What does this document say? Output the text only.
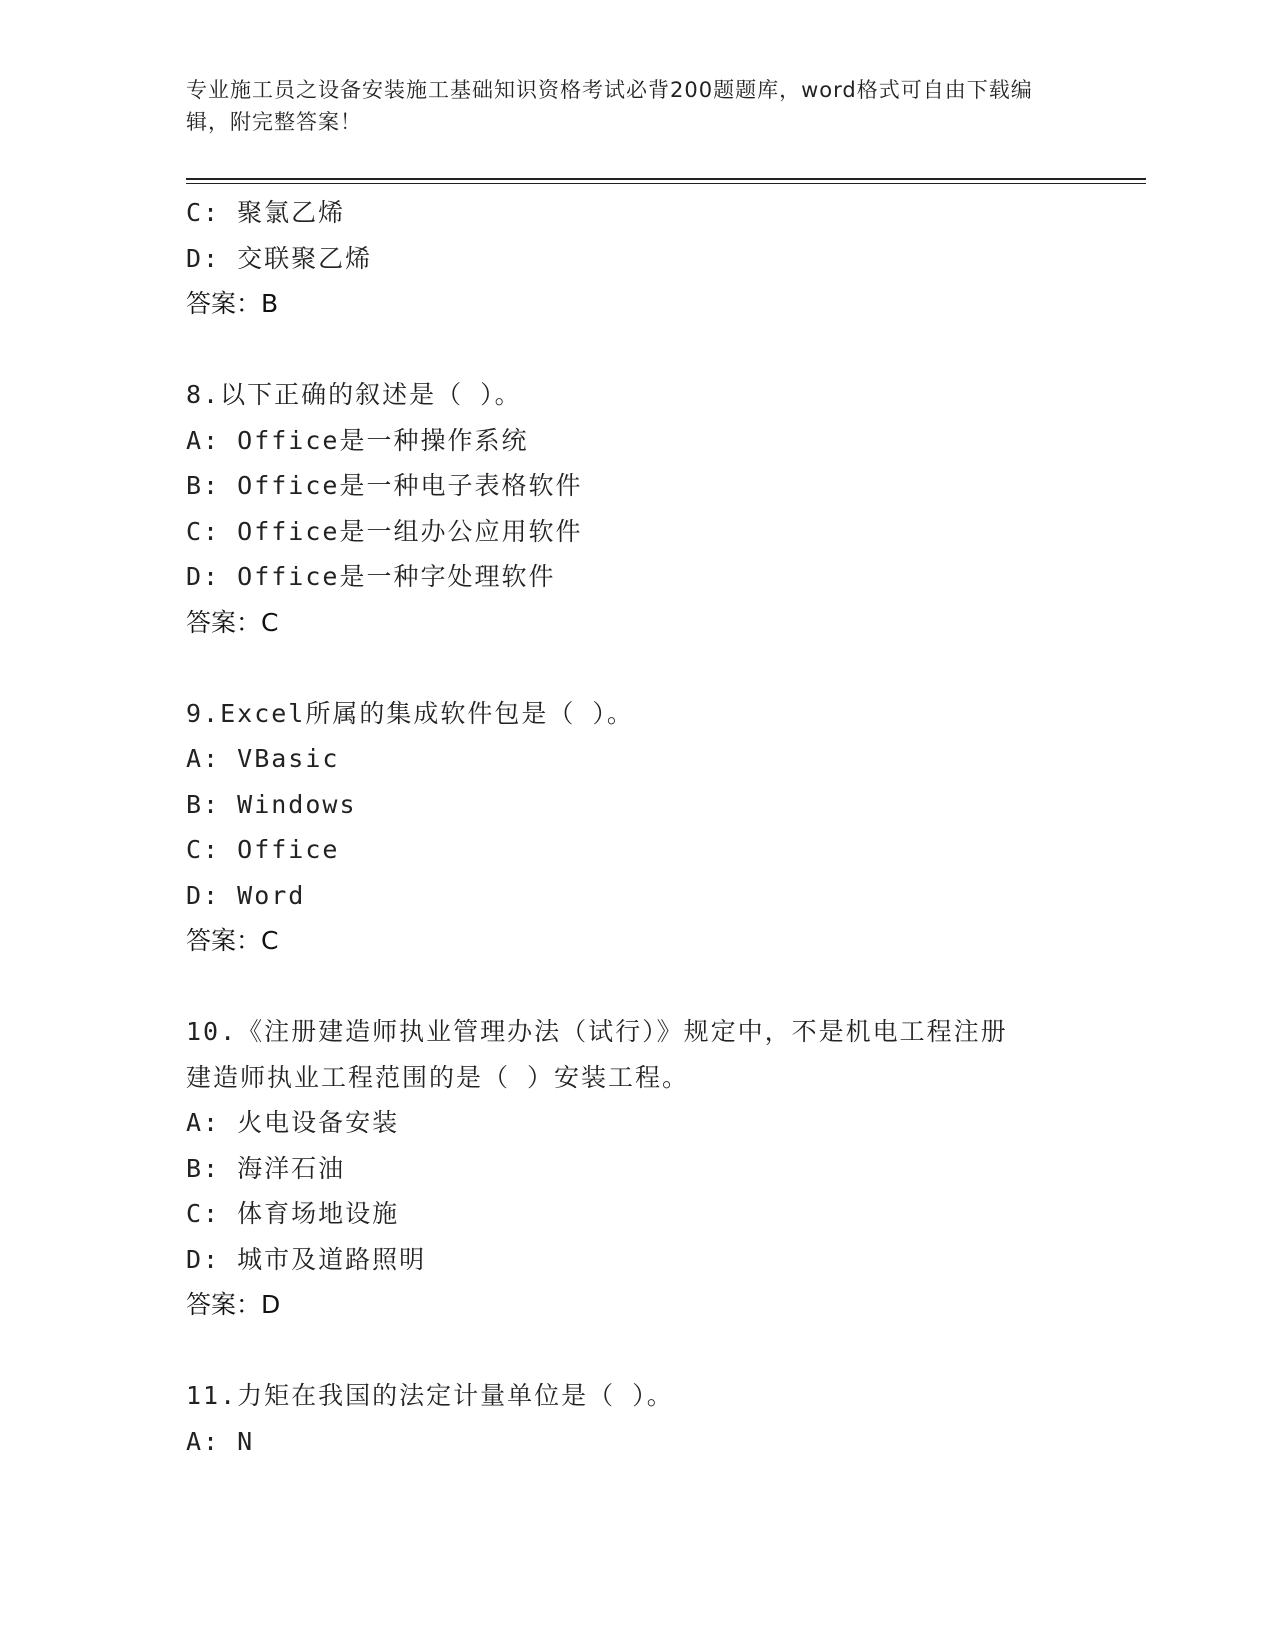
专业施工员之设备安装施工基础知识资格考试必背200题题库，word格式可自由下载编辑，附完整答案！
C: 聚氯乙烯
D: 交联聚乙烯
答案：B
8.以下正确的叙述是（ ）。
A: Office是一种操作系统
B: Office是一种电子表格软件
C: Office是一组办公应用软件
D: Office是一种字处理软件
答案：C
9.Excel所属的集成软件包是（ ）。
A: VBasic
B: Windows
C: Office
D: Word
答案：C
10.《注册建造师执业管理办法（试行）》规定中，不是机电工程注册
建造师执业工程范围的是（ ）安装工程。
A: 火电设备安装
B: 海洋石油
C: 体育场地设施
D: 城市及道路照明
答案：D
11.力矩在我国的法定计量单位是（ ）。
A: N
